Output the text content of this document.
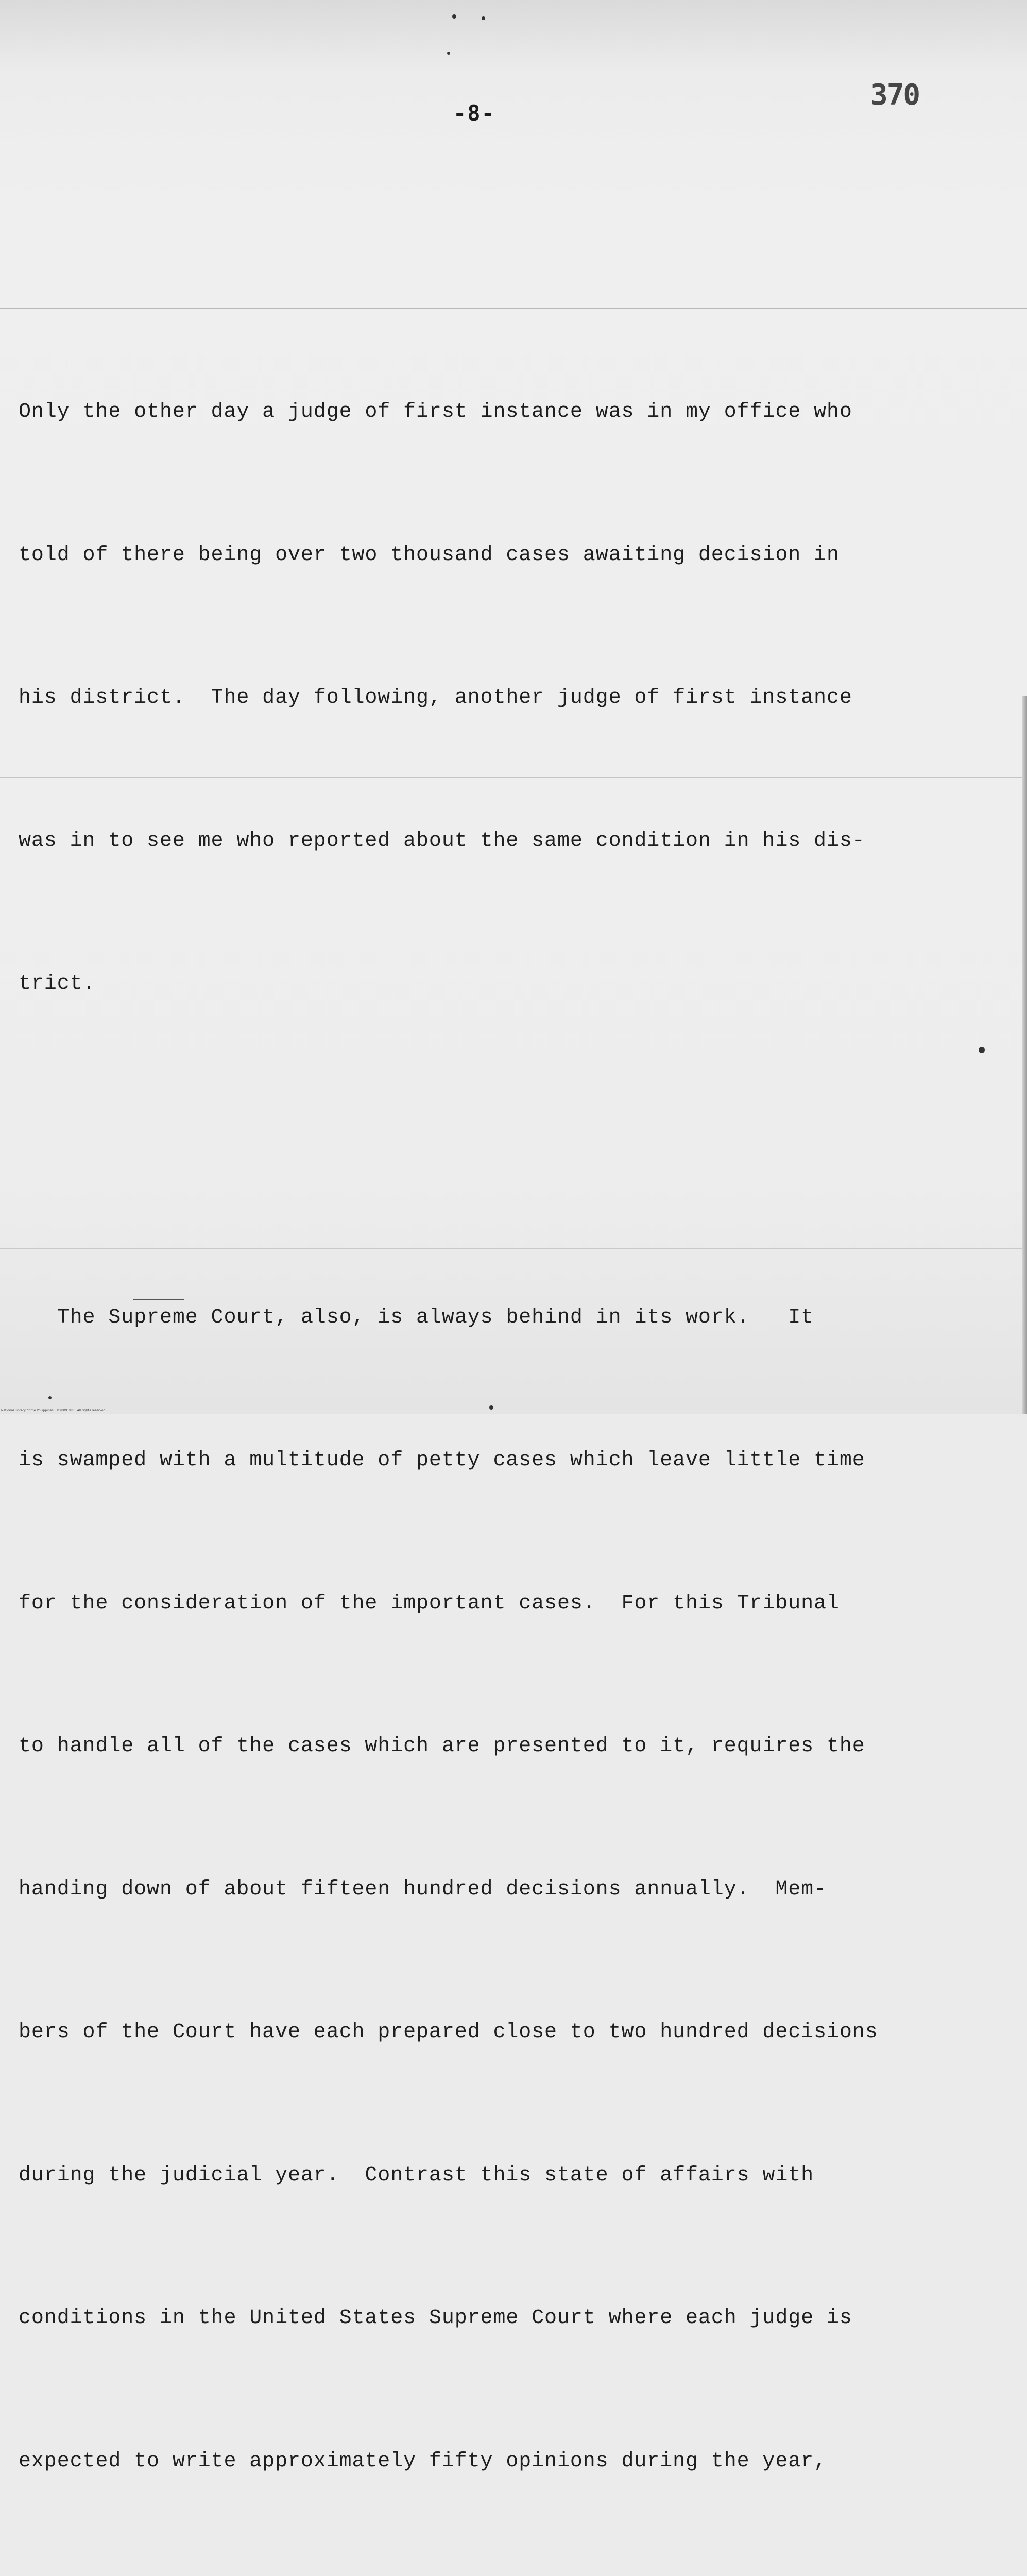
-8-
370

Only the other day a judge of first instance was in my office who

told of there being over two thousand cases awaiting decision in

his district.  The day following, another judge of first instance

was in to see me who reported about the same condition in his dis-

trict.

The Supreme Court, also, is always behind in its work.   It

is swamped with a multitude of petty cases which leave little time

for the consideration of the important cases.  For this Tribunal

to handle all of the cases which are presented to it, requires the

handing down of about fifteen hundred decisions annually.  Mem-

bers of the Court have each prepared close to two hundred decisions

during the judicial year.  Contrast this state of affairs with

conditions in the United States Supreme Court where each judge is

expected to write approximately fifty opinions during the year,

National Library of the Philippines · ©2009 NLP · All rights reserved
